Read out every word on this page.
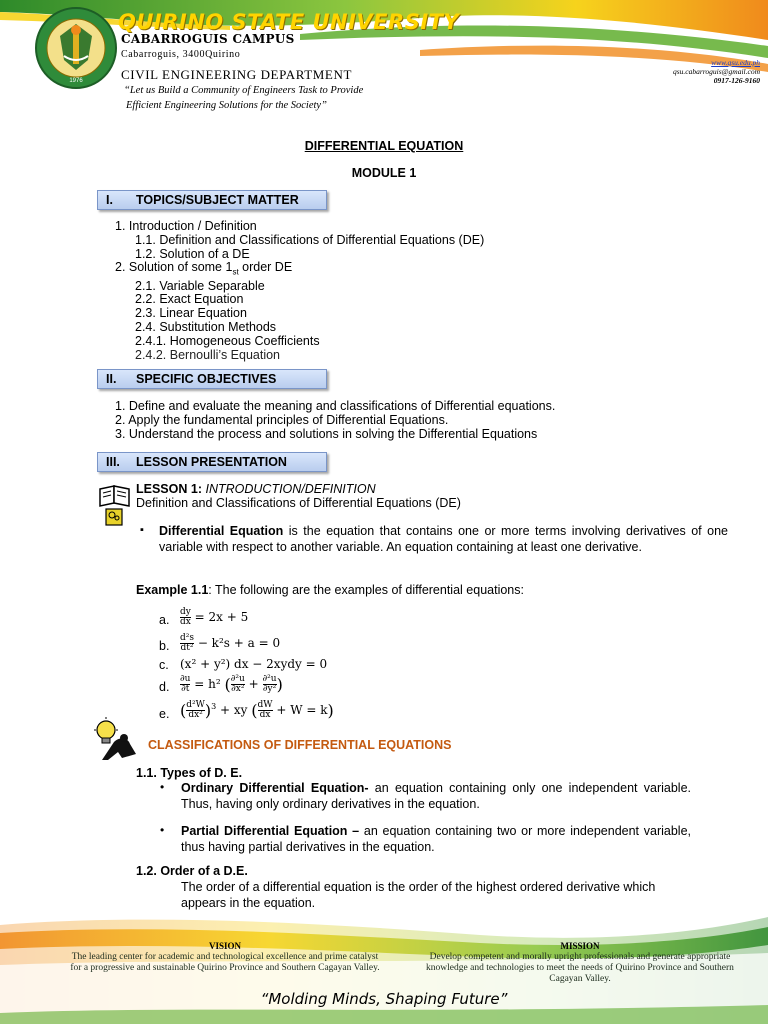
1976
QUIRINO STATE UNIVERSITY
CABARROGUIS CAMPUS
Cabarroguis, 3400Quirino
CIVIL ENGINEERING DEPARTMENT
“Let us Build a Community of Engineers Task to Provide
Efficient Engineering Solutions for the Society”
www.qsu.edu.ph
qsu.cabarroguis@gmail.com
0917-126-9160
DIFFERENTIAL EQUATION
MODULE 1
I. TOPICS/SUBJECT MATTER
1. Introduction / Definition
1.1. Definition and Classifications of Differential Equations (DE)
1.2. Solution of a DE
2. Solution of some $1_{st}$ order DE
2.1. Variable Separable
2.2. Exact Equation
2.3. Linear Equation
2.4. Substitution Methods
2.4.1. Homogeneous Coefficients
2.4.2. Bernoulli’s Equation
II. SPECIFIC OBJECTIVES
1. Define and evaluate the meaning and classifications of Differential equations.
2. Apply the fundamental principles of Differential Equations.
3. Understand the process and solutions in solving the Differential Equations
III. LESSON PRESENTATION
LESSON 1: INTRODUCTION/DEFINITION
Definition and Classifications of Differential Equations (DE)
▪ Differential Equation is the equation that contains one or more terms involving derivatives of one variable with respect to another variable. An equation containing at least one derivative.
Example 1.1: The following are the examples of differential equations:
a. $\frac{dy}{dx} = 2x + 5$
b. $\frac{\text{d²s}}{\text{dt²}} - k^2s + a = 0$
c. (x² + y²) dx − 2xydy = 0
d. $\frac{\partial u}{\partial t} = h^2$ ( $\frac{\text{∂²u}}{\text{∂x²}} + \frac{\text{∂²u}}{\text{∂y²}}$ )
e. ( $\frac{\text{d²W}}{\text{dx²}} )^3$ + xy ( $\frac{dW}{dx} + W = k$)
CLASSIFICATIONS OF DIFFERENTIAL EQUATIONS
1.1. Types of D. E.
• Ordinary Differential Equation- an equation containing only one independent variable. Thus, having only ordinary derivatives in the equation.
• Partial Differential Equation – an equation containing two or more independent variable, thus having partial derivatives in the equation.
1.2. Order of a D.E.
The order of a differential equation is the order of the highest ordered derivative which appears in the equation.
VISION
The leading center for academic and technological excellence and prime catalyst for a progressive and sustainable Quirino Province and Southern Cagayan Valley.
MISSION
Develop competent and morally upright professionals and generate appropriate knowledge and technologies to meet the needs of Quirino Province and Southern Cagayan Valley.
“Molding Minds, Shaping Future”
